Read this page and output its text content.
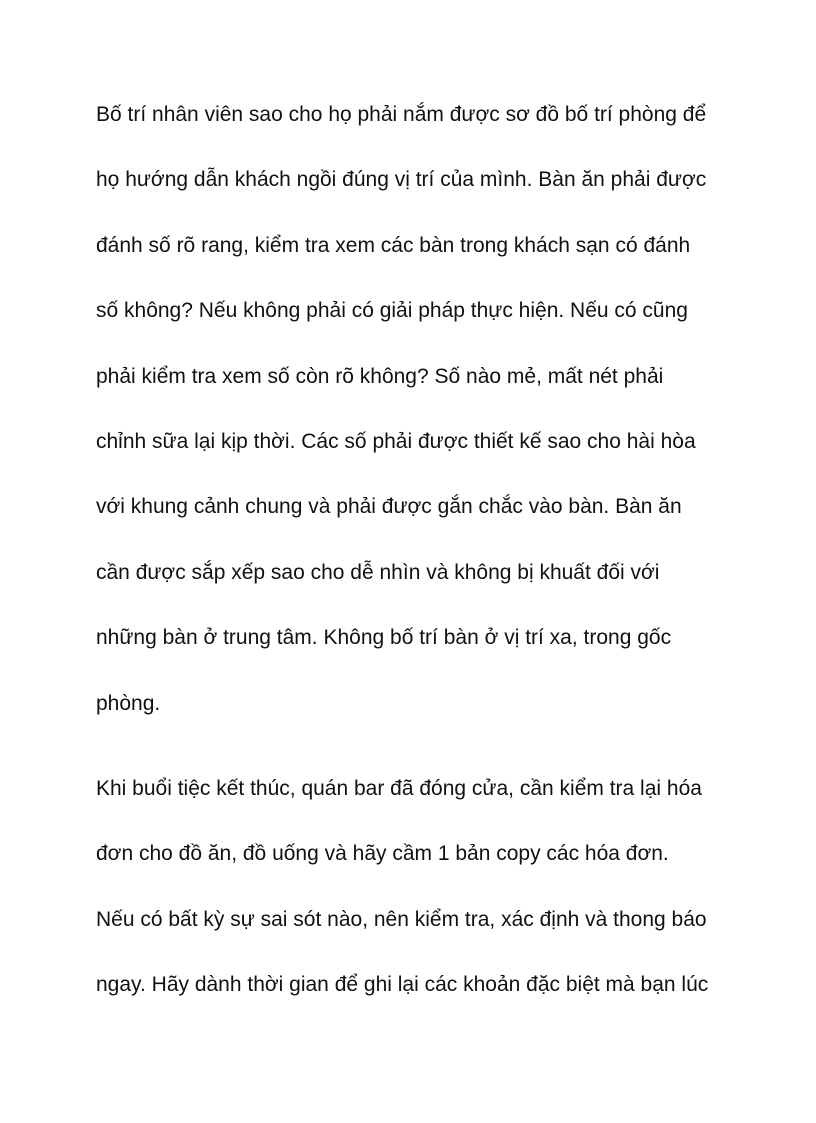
Bố trí nhân viên sao cho họ phải nắm được sơ đồ bố trí phòng để
họ hướng dẫn khách ngồi đúng vị trí của mình. Bàn ăn phải được
đánh số rõ rang, kiểm tra xem các bàn trong khách sạn có đánh
số không? Nếu không phải có giải pháp thực hiện. Nếu có cũng
phải kiểm tra xem số còn rõ không? Số nào mẻ, mất nét phải
chỉnh sữa lại kịp thời. Các số phải được thiết kế sao cho hài hòa
với khung cảnh chung và phải được gắn chắc vào bàn. Bàn ăn
cần được sắp xếp sao cho dễ nhìn và không bị khuất đối với
những bàn ở trung tâm. Không bố trí bàn ở vị trí xa, trong gốc
phòng.

Khi buổi tiệc kết thúc, quán bar đã đóng cửa, cần kiểm tra lại hóa
đơn cho đồ ăn, đồ uống và hãy cầm 1 bản copy các hóa đơn.
Nếu có bất kỳ sự sai sót nào, nên kiểm tra, xác định và thong báo
ngay. Hãy dành thời gian để ghi lại các khoản đặc biệt mà bạn lúc
